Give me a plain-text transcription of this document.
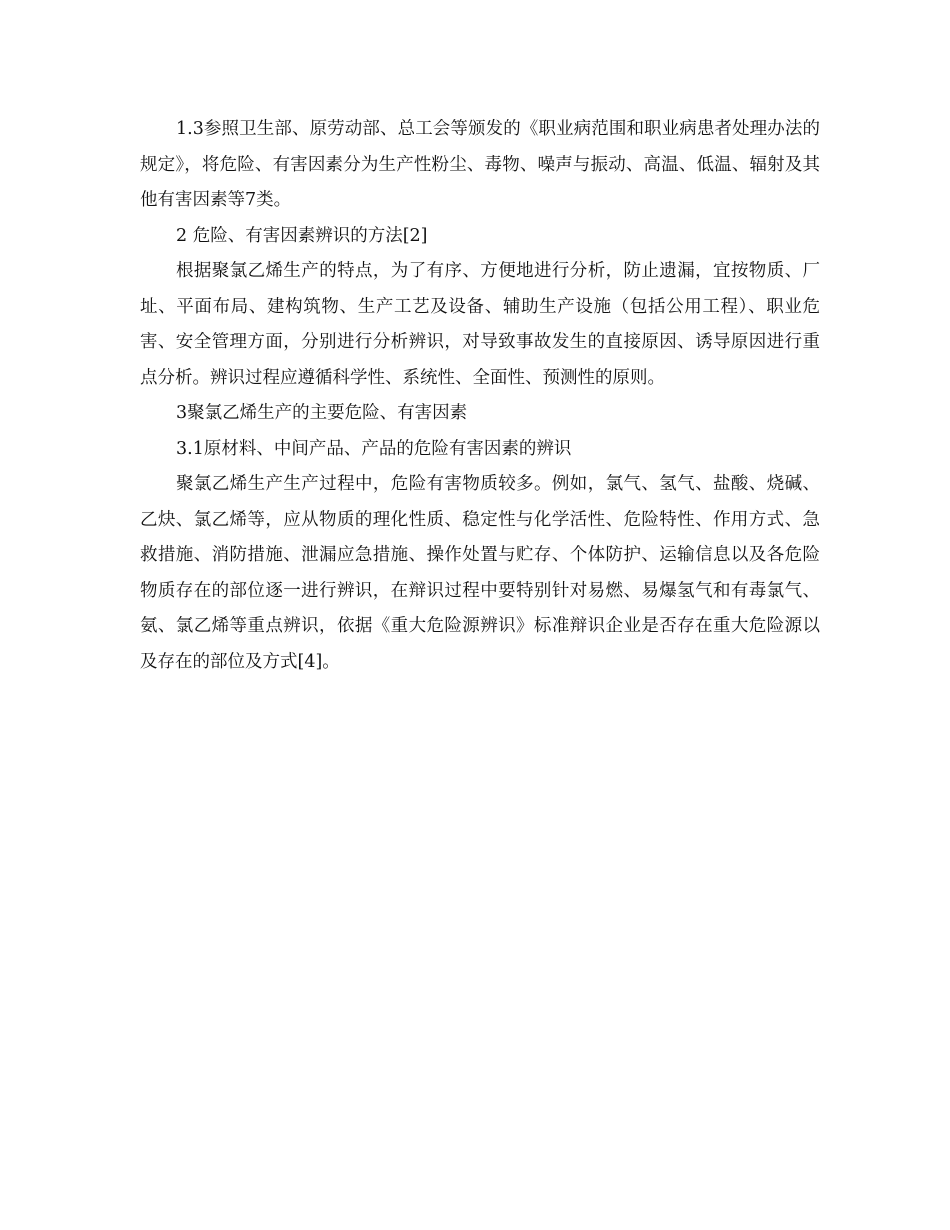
1.3参照卫生部、原劳动部、总工会等颁发的《职业病范围和职业病患者处理办法的规定》，将危险、有害因素分为生产性粉尘、毒物、噪声与振动、高温、低温、辐射及其他有害因素等7类。

2 危险、有害因素辨识的方法[2]

根据聚氯乙烯生产的特点，为了有序、方便地进行分析，防止遗漏，宜按物质、厂址、平面布局、建构筑物、生产工艺及设备、辅助生产设施（包括公用工程）、职业危害、安全管理方面，分别进行分析辨识，对导致事故发生的直接原因、诱导原因进行重点分析。辨识过程应遵循科学性、系统性、全面性、预测性的原则。

3聚氯乙烯生产的主要危险、有害因素

3.1原材料、中间产品、产品的危险有害因素的辨识

聚氯乙烯生产生产过程中，危险有害物质较多。例如，氯气、氢气、盐酸、烧碱、乙炔、氯乙烯等，应从物质的理化性质、稳定性与化学活性、危险特性、作用方式、急救措施、消防措施、泄漏应急措施、操作处置与贮存、个体防护、运输信息以及各危险物质存在的部位逐一进行辨识，在辩识过程中要特别针对易燃、易爆氢气和有毒氯气、氨、氯乙烯等重点辨识，依据《重大危险源辨识》标准辩识企业是否存在重大危险源以及存在的部位及方式[4]。
